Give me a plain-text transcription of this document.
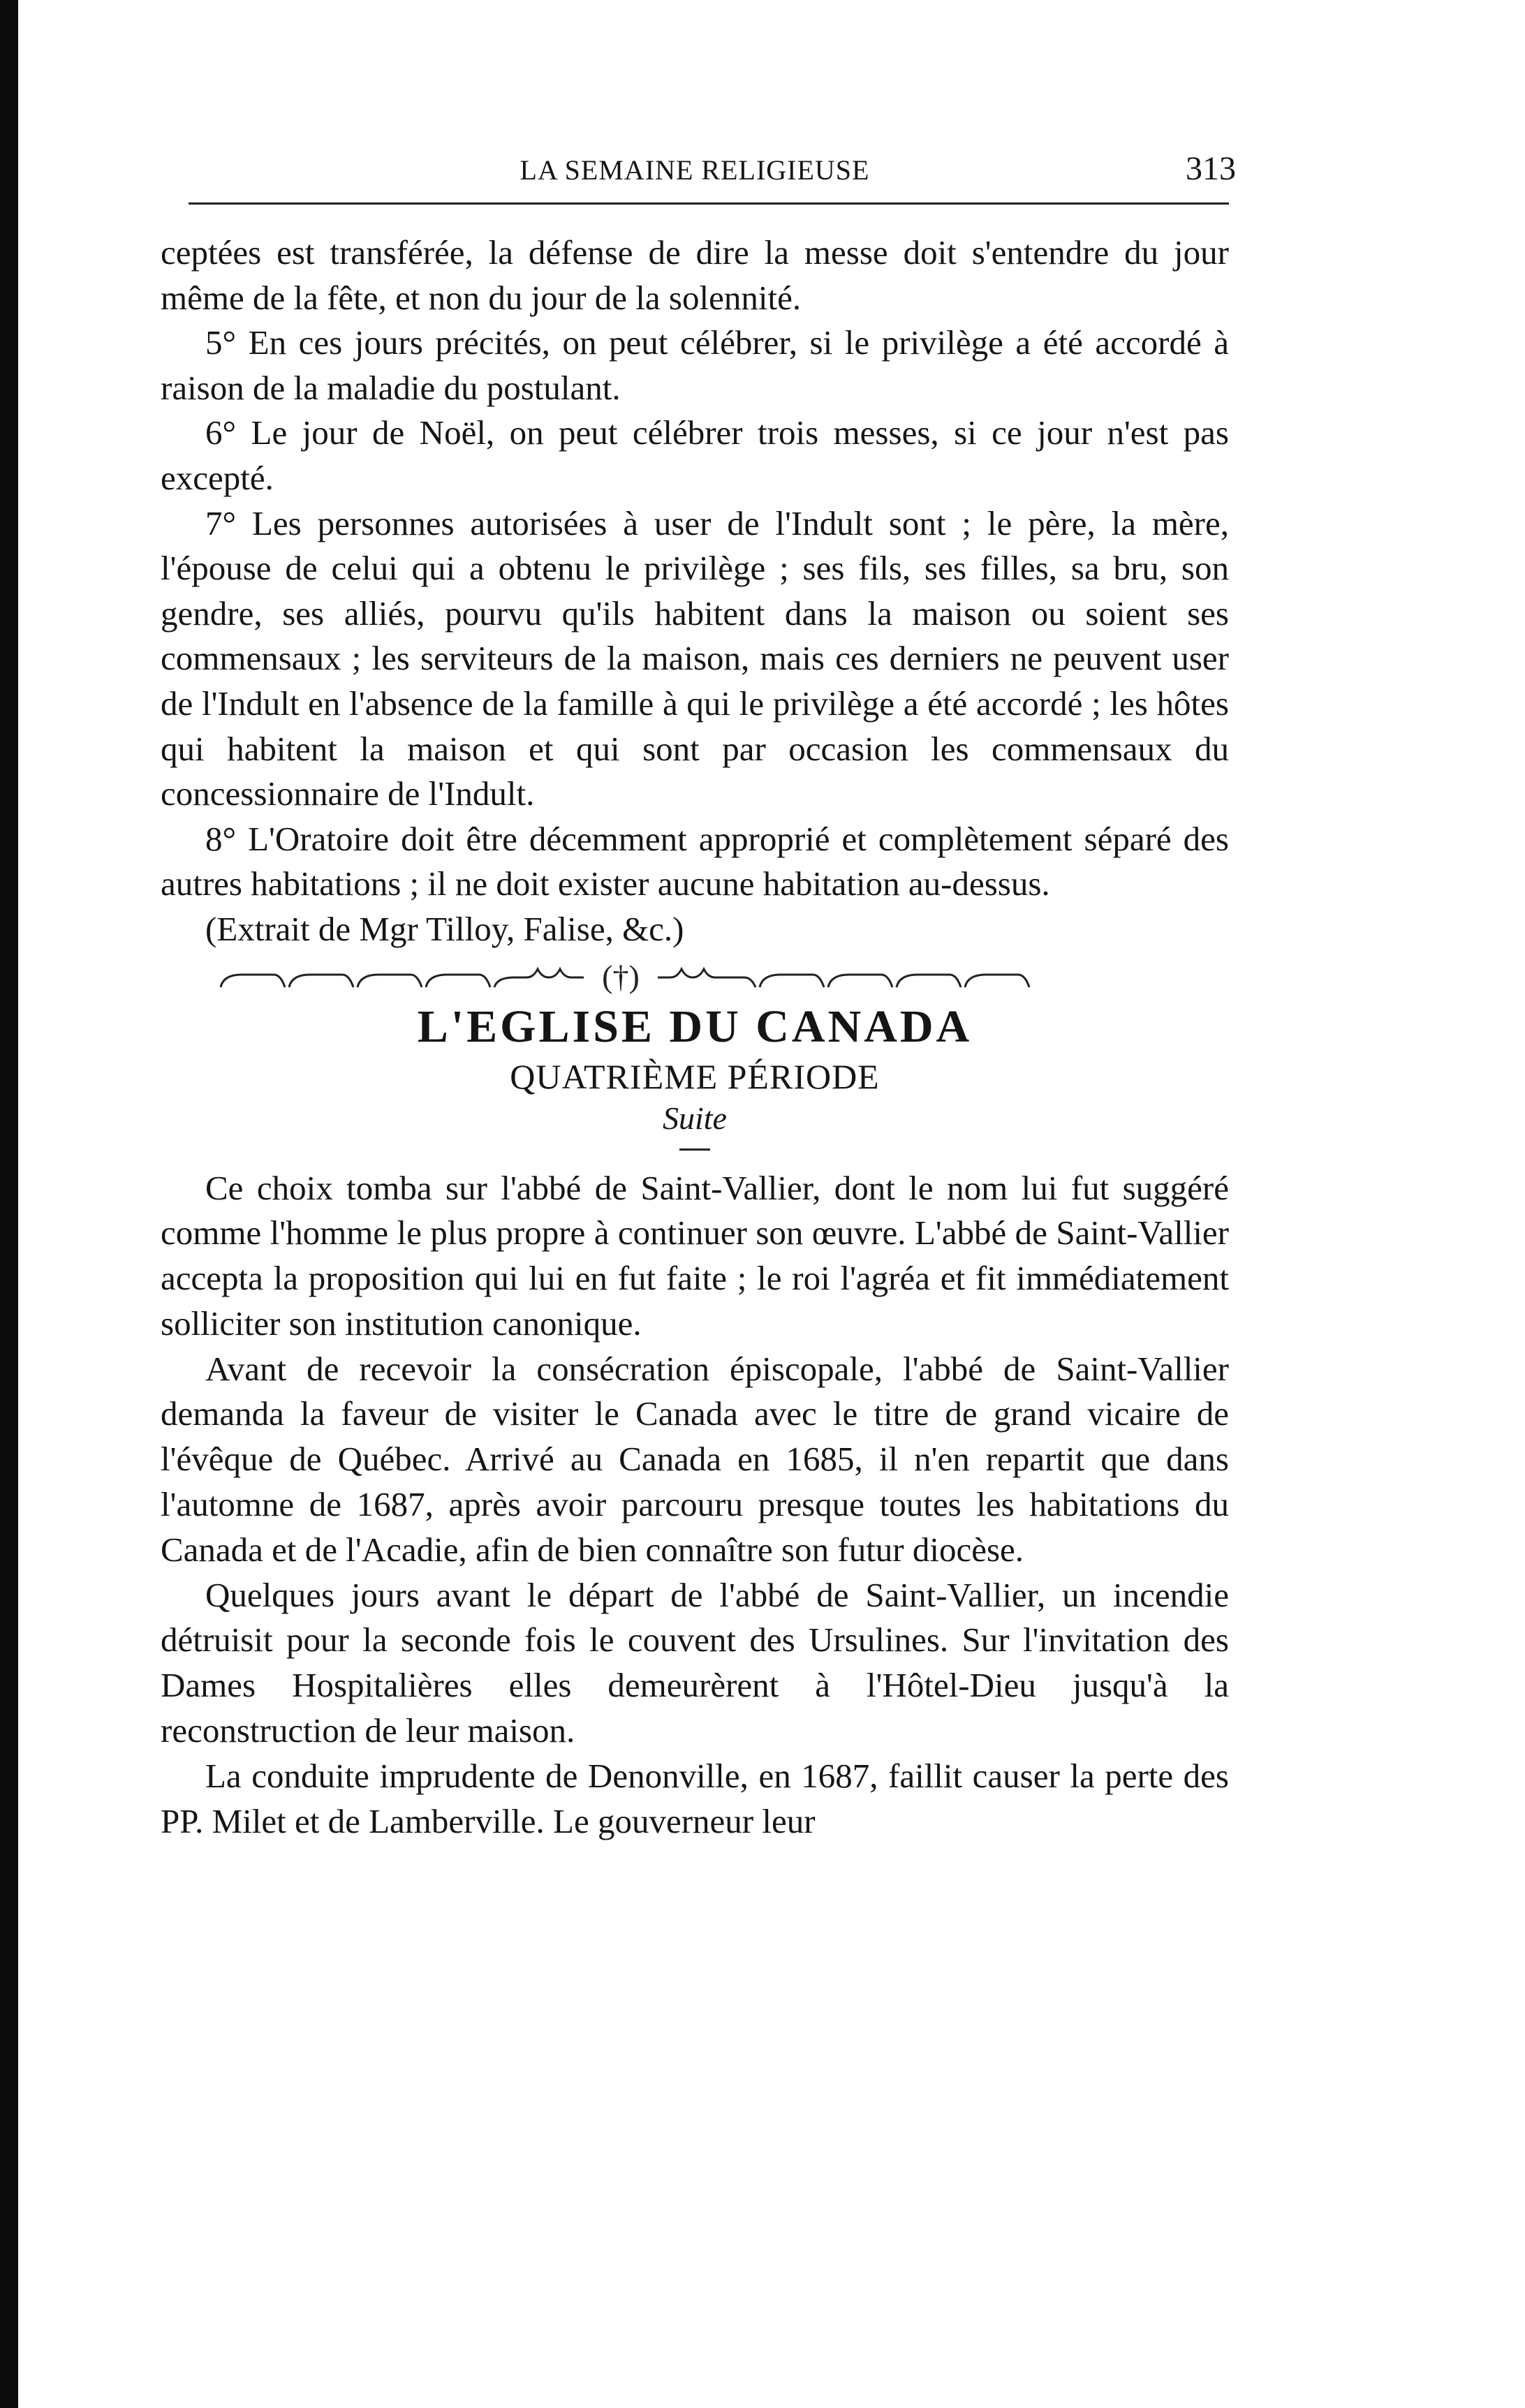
LA SEMAINE RELIGIEUSE	313

ceptées est transférée, la défense de dire la messe doit s'entendre du jour même de la fête, et non du jour de la solennité.

5° En ces jours précités, on peut célébrer, si le privilège a été accordé à raison de la maladie du postulant.

6° Le jour de Noël, on peut célébrer trois messes, si ce jour n'est pas excepté.

7° Les personnes autorisées à user de l'Indult sont ; le père, la mère, l'épouse de celui qui a obtenu le privilège ; ses fils, ses filles, sa bru, son gendre, ses alliés, pourvu qu'ils habitent dans la maison ou soient ses commensaux ; les serviteurs de la maison, mais ces derniers ne peuvent user de l'Indult en l'absence de la famille à qui le privilège a été accordé ; les hôtes qui habitent la maison et qui sont par occasion les commensaux du concessionnaire de l'Indult.

8° L'Oratoire doit être décemment approprié et complètement séparé des autres habitations ; il ne doit exister aucune habitation au-dessus.

(Extrait de Mgr Tilloy, Falise, &c.)

(†)
L'EGLISE DU CANADA
QUATRIÈME PÉRIODE
Suite

Ce choix tomba sur l'abbé de Saint-Vallier, dont le nom lui fut suggéré comme l'homme le plus propre à continuer son œuvre. L'abbé de Saint-Vallier accepta la proposition qui lui en fut faite ; le roi l'agréa et fit immédiatement solliciter son institution canonique.

Avant de recevoir la consécration épiscopale, l'abbé de Saint-Vallier demanda la faveur de visiter le Canada avec le titre de grand vicaire de l'évêque de Québec. Arrivé au Canada en 1685, il n'en repartit que dans l'automne de 1687, après avoir parcouru presque toutes les habitations du Canada et de l'Acadie, afin de bien connaître son futur diocèse.

Quelques jours avant le départ de l'abbé de Saint-Vallier, un incendie détruisit pour la seconde fois le couvent des Ursulines. Sur l'invitation des Dames Hospitalières elles demeurèrent à l'Hôtel-Dieu jusqu'à la reconstruction de leur maison.

La conduite imprudente de Denonville, en 1687, faillit causer la perte des PP. Milet et de Lamberville. Le gouverneur leur
